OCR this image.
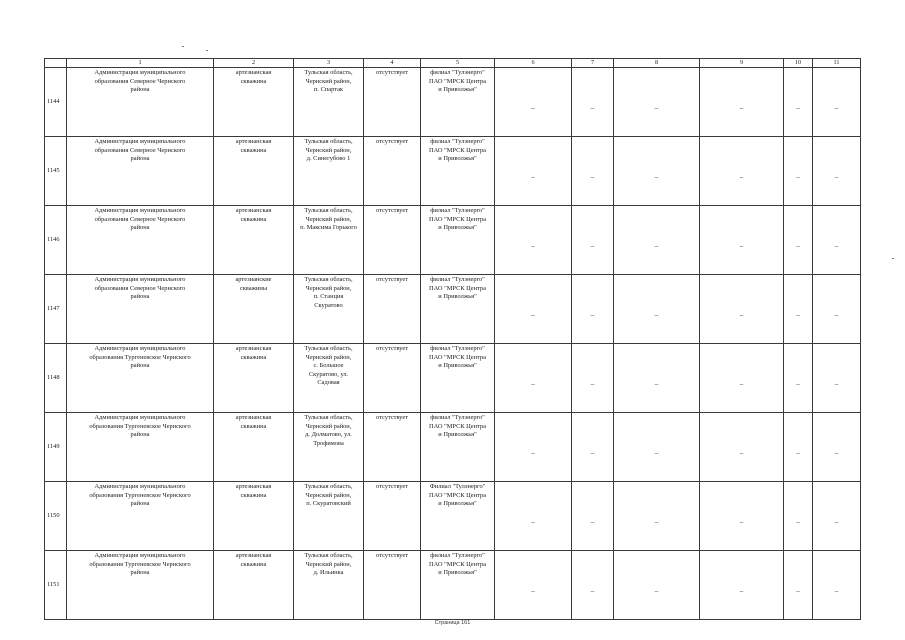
	1	2	3	4	5	6	7	8	9	10	11
1144	Администрация муниципального
образования Северное Чернского
района	артезианская
скважина	Тульская область,
Чернский район,
п. Спартак	отсутствует	филиал "Тулэнерго"
ПАО "МРСК Центра
и Приволжья"	–	–	–	–	–	–
1145	Администрация муниципального
образования Северное Чернского
района	артезианская
скважина	Тульская область,
Чернский район,
д. Синегубово 1	отсутствует	филиал "Тулэнерго"
ПАО "МРСК Центра
и Приволжья"	–	–	–	–	–	–
1146	Администрация муниципального
образования Северное Чернского
района	артезианская
скважина	Тульская область,
Чернский район,
п. Максима Горького	отсутствует	филиал "Тулэнерго"
ПАО "МРСК Центра
и Приволжья"	–	–	–	–	–	–
1147	Администрация муниципального
образования Северное Чернского
района	артезианские
скважины	Тульская область,
Чернский район,
п. Станция
Скуратово	отсутствует	филиал "Тулэнерго"
ПАО "МРСК Центра
и Приволжья"	–	–	–	–	–	–
1148	Администрация муниципального
образования Тургеневское Чернского
района	артезианская
скважина	Тульская область,
Чернский район,
с. Большое
Скуратово, ул.
Садовая	отсутствует	филиал "Тулэнерго"
ПАО "МРСК Центра
и Приволжья"	–	–	–	–	–	–
1149	Администрация муниципального
образования Тургеневское Чернского
района	артезианская
скважина	Тульская область,
Чернский район,
д. Долматово, ул.
Трофимова	отсутствует	филиал "Тулэнерго"
ПАО "МРСК Центра
и Приволжья"	–	–	–	–	–	–
1150	Администрация муниципального
образования Тургеневское Чернского
района	артезианская
скважина	Тульская область,
Чернский район,
п. Скуратовский	отсутствует	Филиал "Тулэнерго"
ПАО "МРСК Центра
и Приволжья"	–	–	–	–	–	–
1151	Администрация муниципального
образования Тургеневское Чернского
района	артезианская
скважина	Тульская область,
Чернский район,
д. Ильинка	отсутствует	филиал "Тулэнерго"
ПАО "МРСК Центра
и Приволжья"	–	–	–	–	–	–
Страница 161
